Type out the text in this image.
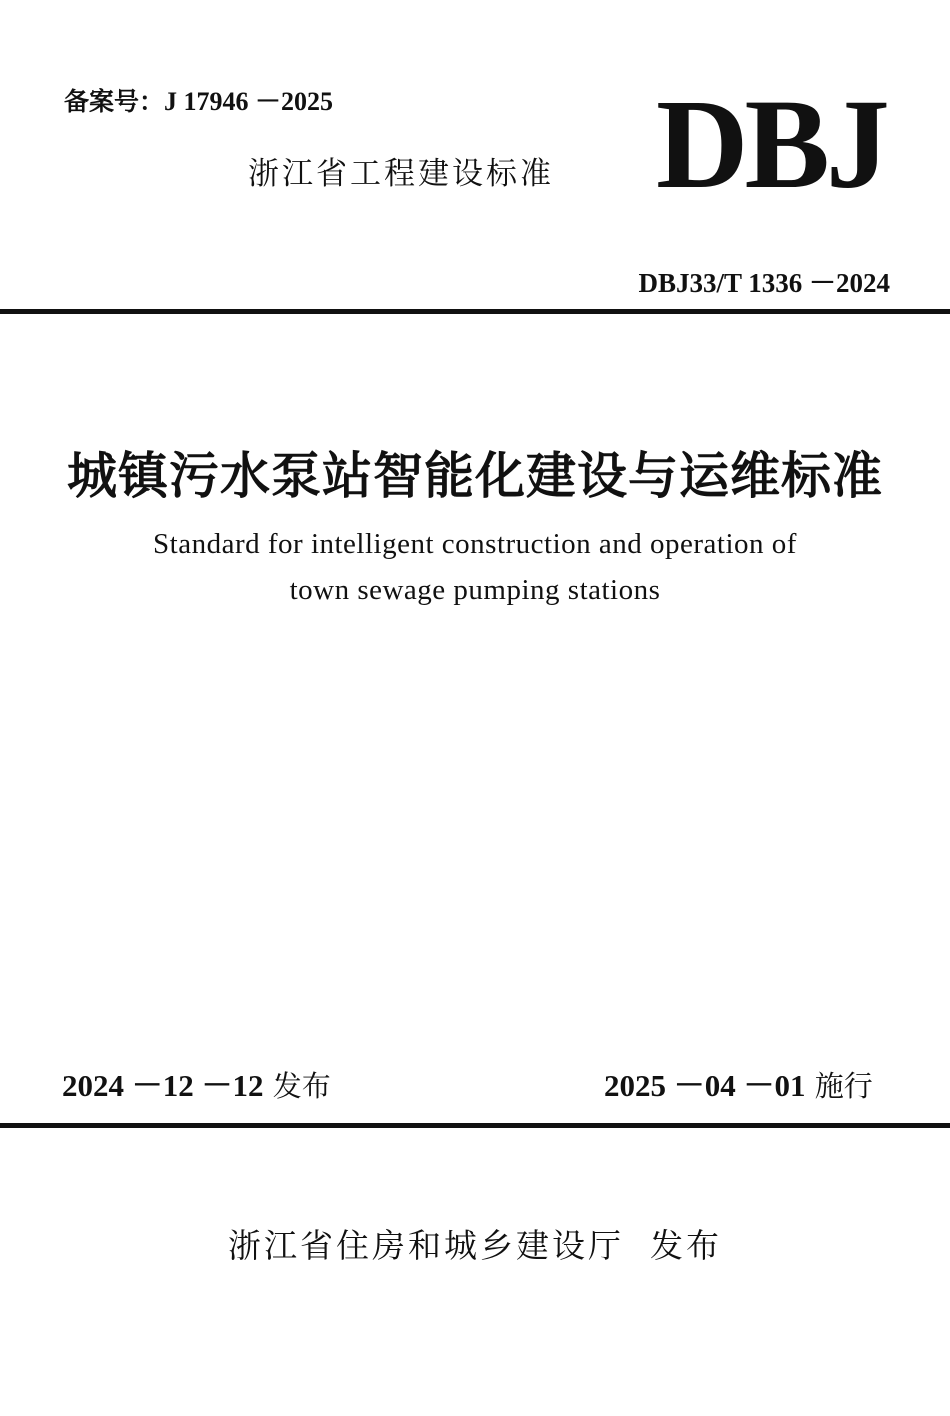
备案号：J 17946 －2025
浙江省工程建设标准 DBJ
DBJ33/T 1336 －2024
城镇污水泵站智能化建设与运维标准
Standard for intelligent construction and operation of
town sewage pumping stations
2024 －12 －12 发布	2025 －04 －01 施行
浙江省住房和城乡建设厅 发布
